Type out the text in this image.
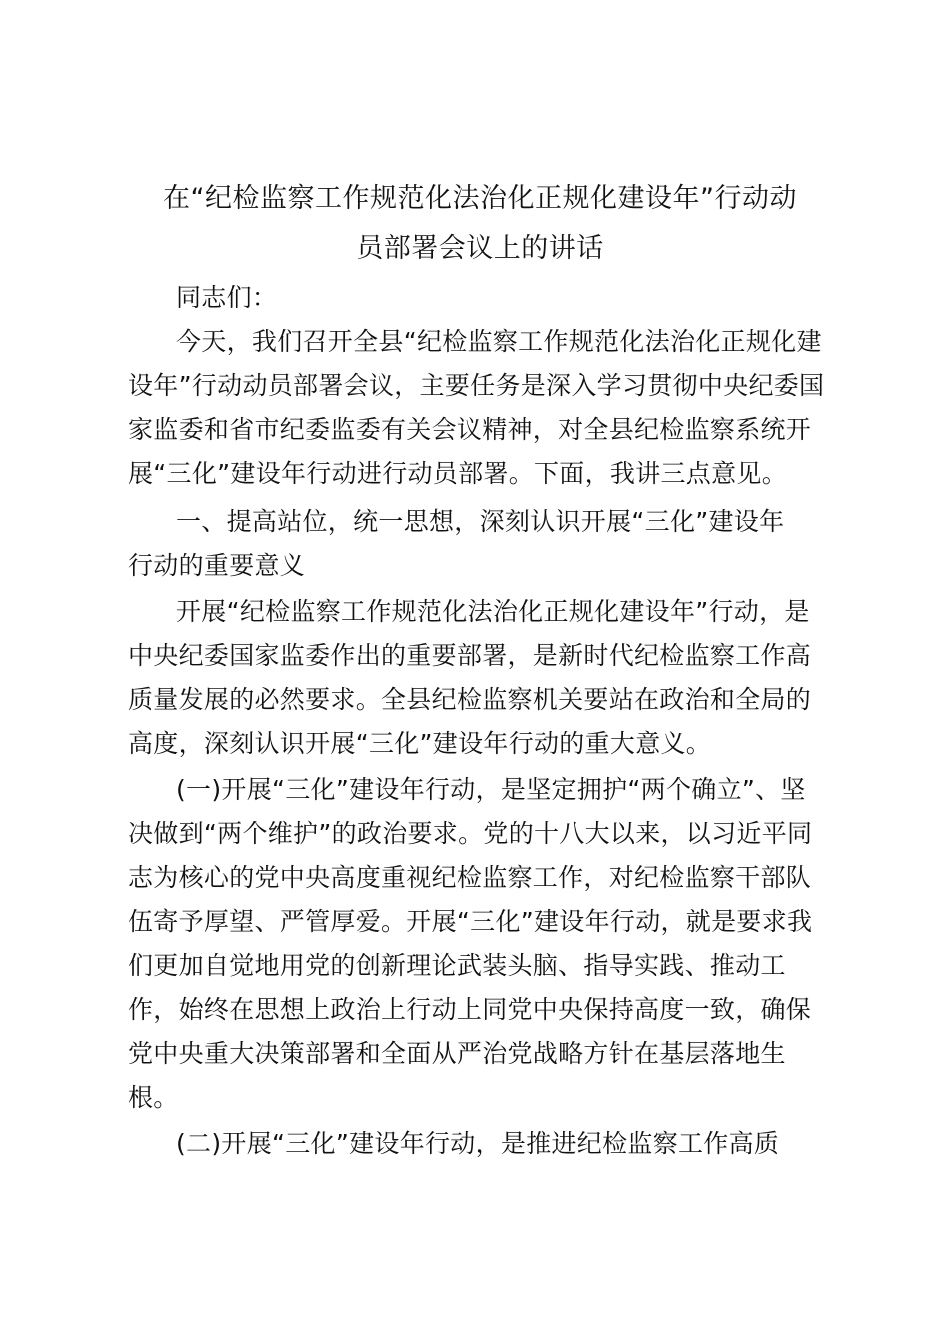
在“纪检监察工作规范化法治化正规化建设年”行动动
员部署会议上的讲话
同志们：
今天，我们召开全县“纪检监察工作规范化法治化正规化建
设年”行动动员部署会议，主要任务是深入学习贯彻中央纪委国
家监委和省市纪委监委有关会议精神，对全县纪检监察系统开
展“三化”建设年行动进行动员部署。下面，我讲三点意见。
一、提高站位，统一思想，深刻认识开展“三化”建设年
行动的重要意义
开展“纪检监察工作规范化法治化正规化建设年”行动，是
中央纪委国家监委作出的重要部署，是新时代纪检监察工作高
质量发展的必然要求。全县纪检监察机关要站在政治和全局的
高度，深刻认识开展“三化”建设年行动的重大意义。
(一)开展“三化”建设年行动，是坚定拥护“两个确立”、坚
决做到“两个维护”的政治要求。党的十八大以来，以习近平同
志为核心的党中央高度重视纪检监察工作，对纪检监察干部队
伍寄予厚望、严管厚爱。开展“三化”建设年行动，就是要求我
们更加自觉地用党的创新理论武装头脑、指导实践、推动工
作，始终在思想上政治上行动上同党中央保持高度一致，确保
党中央重大决策部署和全面从严治党战略方针在基层落地生
根。
(二)开展“三化”建设年行动，是推进纪检监察工作高质
